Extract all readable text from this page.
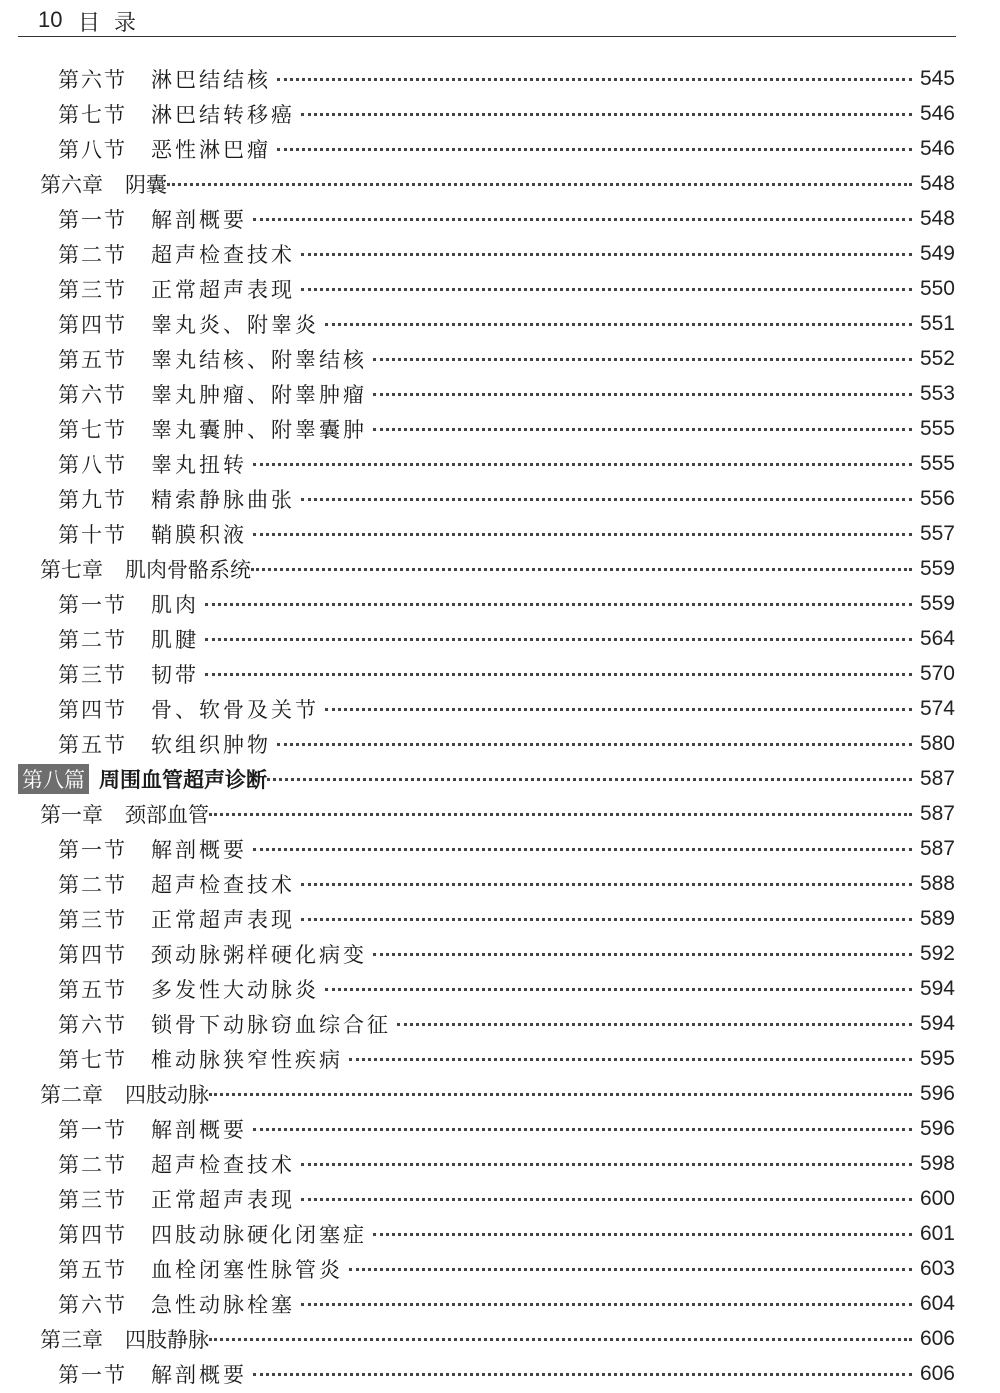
10 目录
第六节 淋巴结结核	545
第七节 淋巴结转移癌	546
第八节 恶性淋巴瘤	546
第六章 阴囊	548
第一节 解剖概要	548
第二节 超声检查技术	549
第三节 正常超声表现	550
第四节 睾丸炎、附睾炎	551
第五节 睾丸结核、附睾结核	552
第六节 睾丸肿瘤、附睾肿瘤	553
第七节 睾丸囊肿、附睾囊肿	555
第八节 睾丸扭转	555
第九节 精索静脉曲张	556
第十节 鞘膜积液	557
第七章 肌肉骨骼系统	559
第一节 肌肉	559
第二节 肌腱	564
第三节 韧带	570
第四节 骨、软骨及关节	574
第五节 软组织肿物	580
第八篇 周围血管超声诊断	587
第一章 颈部血管	587
第一节 解剖概要	587
第二节 超声检查技术	588
第三节 正常超声表现	589
第四节 颈动脉粥样硬化病变	592
第五节 多发性大动脉炎	594
第六节 锁骨下动脉窃血综合征	594
第七节 椎动脉狭窄性疾病	595
第二章 四肢动脉	596
第一节 解剖概要	596
第二节 超声检查技术	598
第三节 正常超声表现	600
第四节 四肢动脉硬化闭塞症	601
第五节 血栓闭塞性脉管炎	603
第六节 急性动脉栓塞	604
第三章 四肢静脉	606
第一节 解剖概要	606
